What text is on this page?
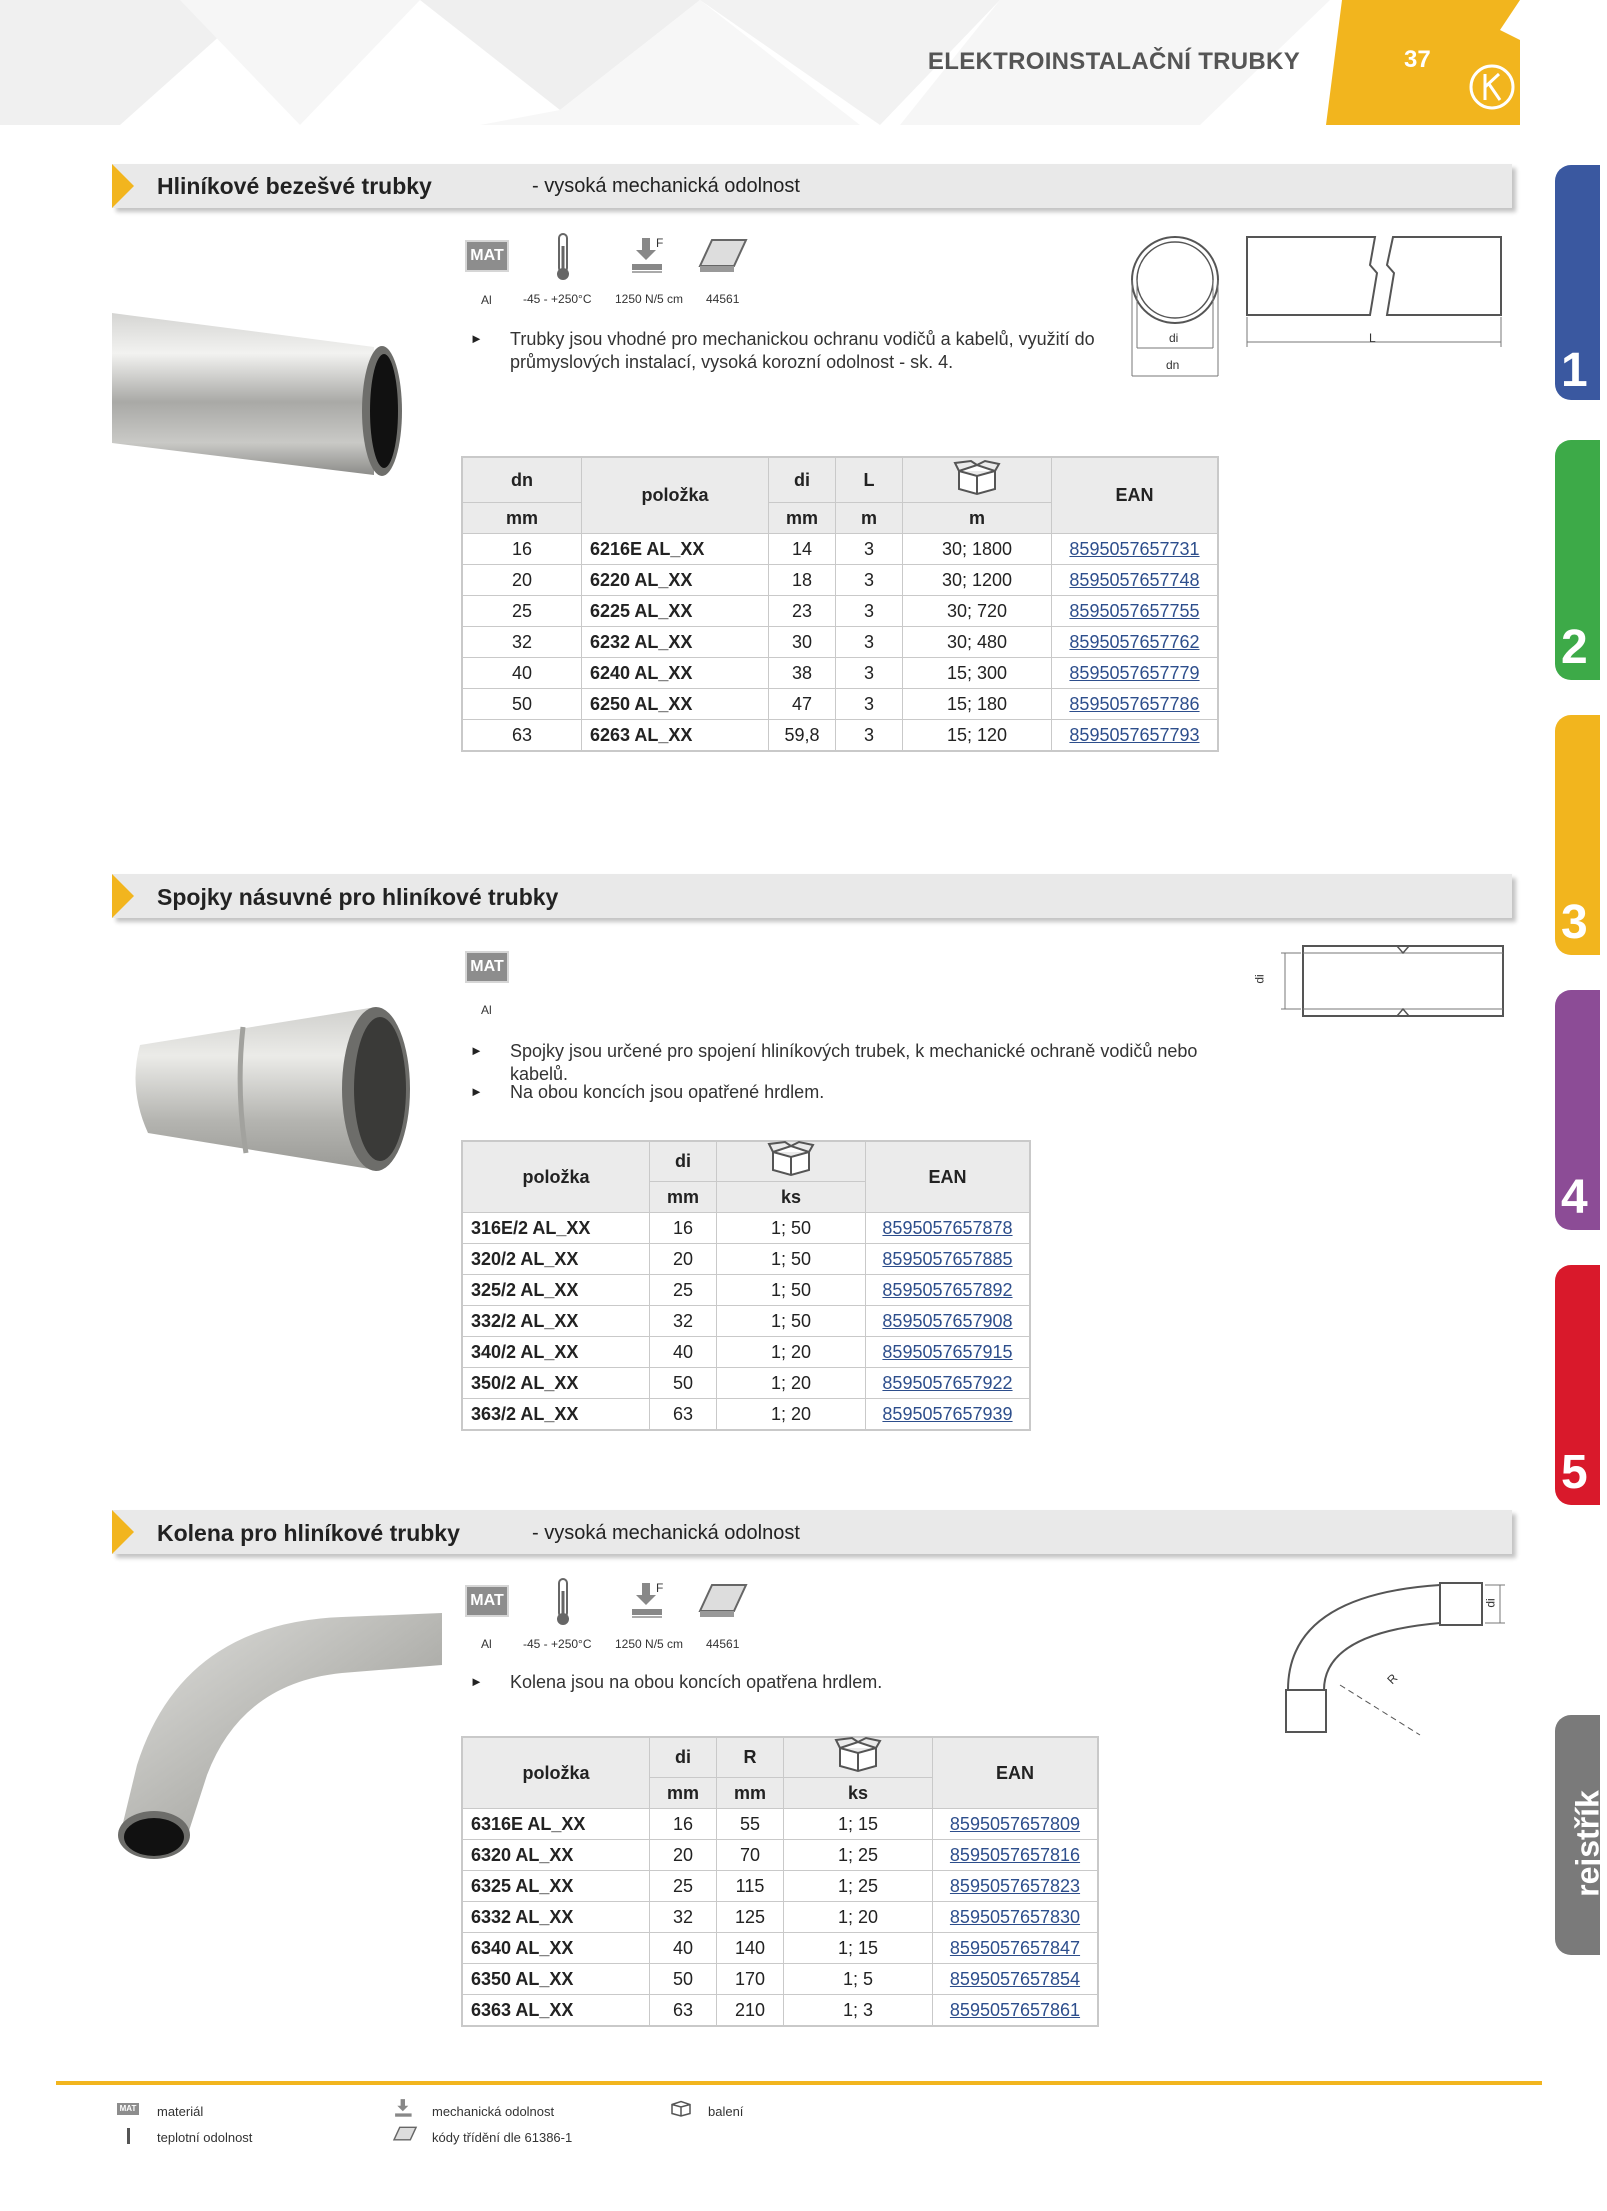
ELEKTROINSTALAČNÍ TRUBKY	37
1
2
3
4
5
rejstřík
Hliníkové bezešvé trubky	- vysoká mechanická odolnost
MAT
Al	-45 - +250°C
F
1250 N/5 cm 44561
► Trubky jsou vhodné pro mechanickou ochranu vodičů a kabelů, využití do průmyslových instalací, vysoká korozní odolnost - sk. 4.
di
dn
L
dn	položka	di	L		EAN
mm		mm	m	m	
16	6216E AL_XX	14	3	30; 1800	8595057657731
20	6220 AL_XX	18	3	30; 1200	8595057657748
25	6225 AL_XX	23	3	30; 720	8595057657755
32	6232 AL_XX	30	3	30; 480	8595057657762
40	6240 AL_XX	38	3	15; 300	8595057657779
50	6250 AL_XX	47	3	15; 180	8595057657786
63	6263 AL_XX	59,8	3	15; 120	8595057657793
Spojky násuvné pro hliníkové trubky
MAT
Al
► Spojky jsou určené pro spojení hliníkových trubek, k mechanické ochraně vodičů nebo kabelů.
► Na obou koncích jsou opatřené hrdlem.
di
položka	di		EAN
	mm	ks	
316E/2 AL_XX	16	1; 50	8595057657878
320/2 AL_XX	20	1; 50	8595057657885
325/2 AL_XX	25	1; 50	8595057657892
332/2 AL_XX	32	1; 50	8595057657908
340/2 AL_XX	40	1; 20	8595057657915
350/2 AL_XX	50	1; 20	8595057657922
363/2 AL_XX	63	1; 20	8595057657939
Kolena pro hliníkové trubky	- vysoká mechanická odolnost
MAT
Al	-45 - +250°C
F
1250 N/5 cm 44561
► Kolena jsou na obou koncích opatřena hrdlem.	R
di
položka	di	R		EAN
	mm	mm	ks	
6316E AL_XX	16	55	1; 15	8595057657809
6320 AL_XX	20	70	1; 25	8595057657816
6325 AL_XX	25	115	1; 25	8595057657823
6332 AL_XX	32	125	1; 20	8595057657830
6340 AL_XX	40	140	1; 15	8595057657847
6350 AL_XX	50	170	1; 5	8595057657854
6363 AL_XX	63	210	1; 3	8595057657861
MAT materiál
teplotní odolnost
mechanická odolnost
kódy třídění dle 61386-1
balení
